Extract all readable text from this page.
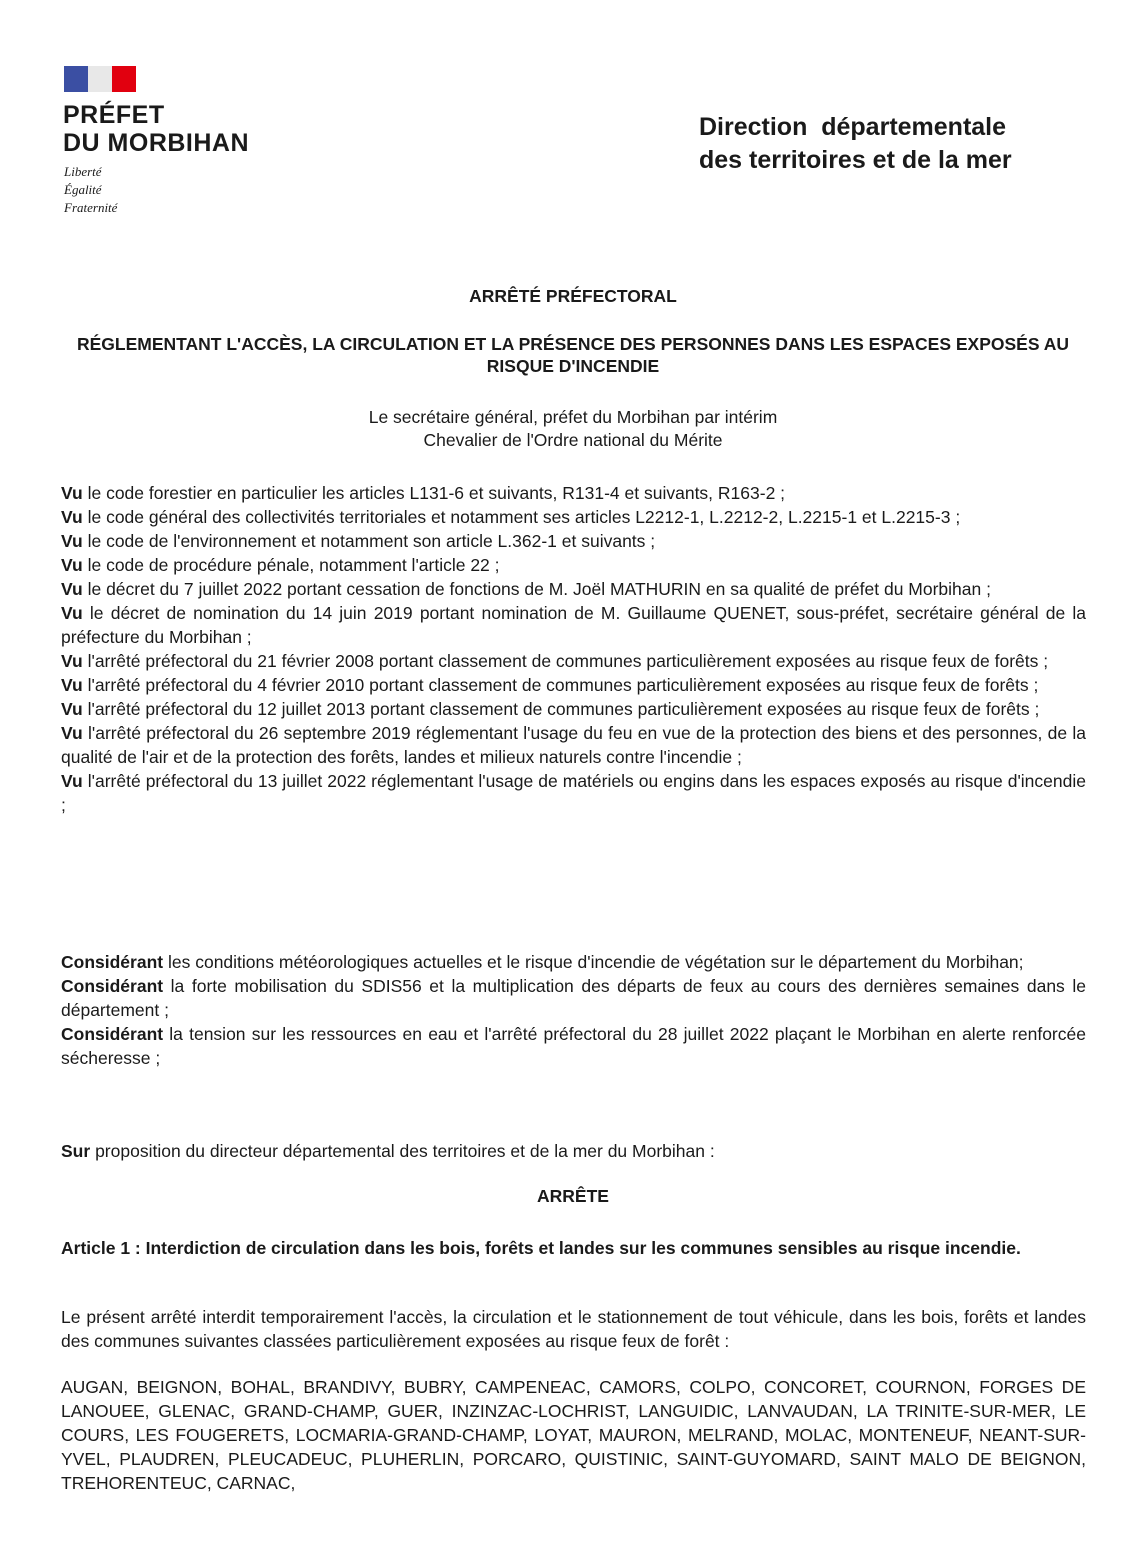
PRÉFET
DU MORBIHAN
Liberté
Égalité
Fraternité
Direction  départementale
des territoires et de la mer
ARRÊTÉ PRÉFECTORAL
RÉGLEMENTANT L'ACCÈS, LA CIRCULATION ET LA PRÉSENCE DES PERSONNES DANS LES ESPACES EXPOSÉS AU RISQUE D'INCENDIE
Le secrétaire général, préfet du Morbihan par intérim
Chevalier de l'Ordre national du Mérite

Vu le code forestier en particulier les articles L131-6 et suivants, R131-4 et suivants, R163-2 ;

Vu le code général des collectivités territoriales et notamment ses articles L2212-1, L.2212-2, L.2215-1 et L.2215-3 ;

Vu le code de l'environnement et notamment son article L.362-1 et suivants ;

Vu le code de procédure pénale, notamment l'article 22 ;

Vu le décret du 7 juillet 2022 portant cessation de fonctions de M. Joël MATHURIN en sa qualité de préfet du Morbihan ;

Vu le décret de nomination du 14 juin 2019 portant nomination de M. Guillaume QUENET, sous-préfet, secrétaire général de la préfecture du Morbihan ;

Vu l'arrêté préfectoral du 21 février 2008 portant classement de communes particulièrement exposées au risque feux de forêts ;

Vu l'arrêté préfectoral du 4 février 2010 portant classement de communes particulièrement exposées au risque feux de forêts ;

Vu l'arrêté préfectoral du 12 juillet 2013 portant classement de communes particulièrement exposées au risque feux de forêts ;

Vu l'arrêté préfectoral du 26 septembre 2019 réglementant l'usage du feu en vue de la protection des biens et des personnes, de la qualité de l'air et de la protection des forêts, landes et milieux naturels contre l'incendie ;

Vu l'arrêté préfectoral du 13 juillet 2022 réglementant l'usage de matériels ou engins dans les espaces exposés au risque d'incendie ;

Considérant les conditions météorologiques actuelles et le risque d'incendie de végétation sur le département du Morbihan;

Considérant la forte mobilisation du SDIS56 et la multiplication des départs de feux au cours des dernières semaines dans le département ;

Considérant la tension sur les ressources en eau et l'arrêté préfectoral du 28 juillet 2022 plaçant le Morbihan en alerte renforcée sécheresse ;

Sur proposition du directeur départemental des territoires et de la mer du Morbihan :
ARRÊTE
Article 1 : Interdiction de circulation dans les bois, forêts et landes sur les communes sensibles au risque incendie.
Le présent arrêté interdit temporairement l'accès, la circulation et le stationnement de tout véhicule, dans les bois, forêts et landes des communes suivantes classées particulièrement exposées au risque feux de forêt :
AUGAN, BEIGNON, BOHAL, BRANDIVY, BUBRY, CAMPENEAC, CAMORS, COLPO, CONCORET, COURNON, FORGES DE LANOUEE, GLENAC, GRAND-CHAMP, GUER, INZINZAC-LOCHRIST, LANGUIDIC, LANVAUDAN, LA TRINITE-SUR-MER, LE COURS, LES FOUGERETS, LOCMARIA-GRAND-CHAMP, LOYAT, MAURON, MELRAND, MOLAC, MONTENEUF, NEANT-SUR-YVEL, PLAUDREN, PLEUCADEUC, PLUHERLIN, PORCARO, QUISTINIC, SAINT-GUYOMARD, SAINT MALO DE BEIGNON, TREHORENTEUC, CARNAC,
